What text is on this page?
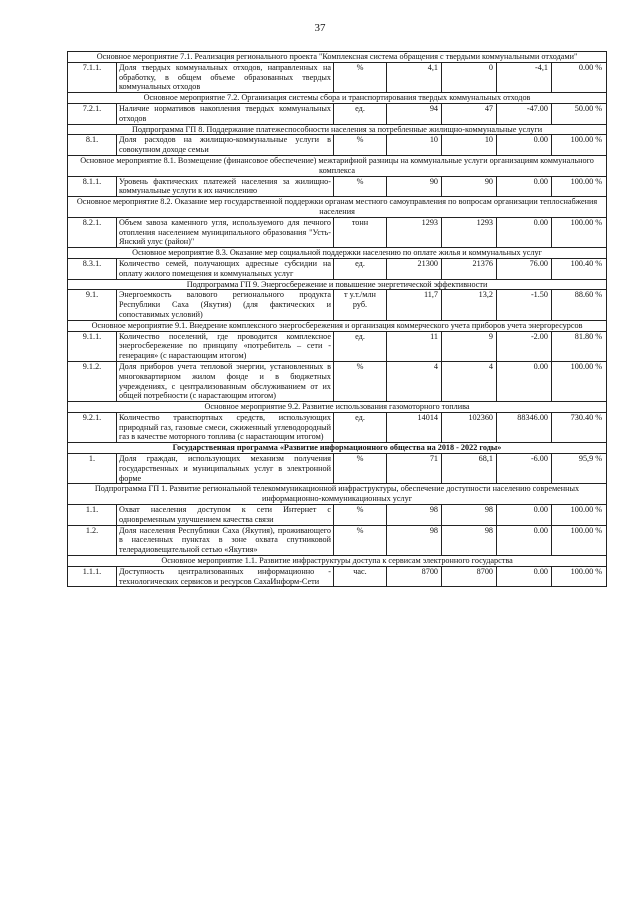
37
Основное мероприятие 7.1. Реализация регионального проекта "Комплексная система обращения с твердыми коммунальными отходами"						
7.1.1.	Доля твердых коммунальных отходов, направленных на обработку, в общем объеме образованных твердых коммунальных отходов	%	4,1	0	-4,1	0.00 %
Основное мероприятие 7.2. Организация системы сбора и транспортирования твердых коммунальных отходов						
7.2.1.	Наличие нормативов накопления твердых коммунальных отходов	ед.	94	47	-47.00	50.00 %
Подпрограмма ГП 8. Поддержание платежеспособности населения за потребленные жилищно-коммунальные услуги						
8.1.	Доля расходов на жилищно-коммунальные услуги в совокупном доходе семьи	%	10	10	0.00	100.00 %
Основное мероприятие 8.1. Возмещение (финансовое обеспечение) межтарифной разницы на коммунальные услуги организациям коммунального комплекса						
8.1.1.	Уровень фактических платежей населения за жилищно-коммунальные услуги к их начислению	%	90	90	0.00	100.00 %
Основное мероприятие 8.2. Оказание мер государственной поддержки органам местного самоуправления по вопросам организации теплоснабжения населения						
8.2.1.	Объем завоза каменного угля, используемого для печного отопления населением муниципального образования "Усть-Янский улус (район)"	тонн	1293	1293	0.00	100.00 %
Основное мероприятие 8.3. Оказание мер социальной поддержки населению по оплате жилья и коммунальных услуг						
8.3.1.	Количество семей, получающих адресные субсидии на оплату жилого помещения и коммунальных услуг	ед.	21300	21376	76.00	100.40 %
Подпрограмма ГП 9. Энергосбережение и повышение энергетической эффективности						
9.1.	Энергоемкость валового регионального продукта Республики Саха (Якутия) (для фактических и сопоставимых условий)	т у.т./млн руб.	11,7	13,2	-1.50	88.60 %
Основное мероприятие 9.1. Внедрение комплексного энергосбережения и организация коммерческого учета приборов учета энергоресурсов						
9.1.1.	Количество поселений, где проводится комплексное энергосбережение по принципу «потребитель – сети - генерация» (с нарастающим итогом)	ед.	11	9	-2.00	81.80 %
9.1.2.	Доля приборов учета тепловой энергии, установленных в многоквартирном жилом фонде и в бюджетных учреждениях, с централизованным обслуживанием от их общей потребности (с нарастающим итогом)	%	4	4	0.00	100.00 %
Основное мероприятие 9.2. Развитие использования газомоторного топлива						
9.2.1.	Количество транспортных средств, использующих природный газ, газовые смеси, сжиженный углеводородный газ в качестве моторного топлива (с нарастающим итогом)	ед.	14014	102360	88346.00	730.40 %
Государственная программа «Развитие информационного общества на 2018 - 2022 годы»						
1.	Доля граждан, использующих механизм получения государственных и муниципальных услуг в электронной форме	%	71	68,1	-6.00	95,9 %
Подпрограмма ГП 1. Развитие региональной телекоммуникационной инфраструктуры, обеспечение доступности населению современных информационно-коммуникационных услуг						
1.1.	Охват населения доступом к сети Интернет с одновременным улучшением качества связи	%	98	98	0.00	100.00 %
1.2.	Доля населения Республики Саха (Якутия), проживающего в населенных пунктах в зоне охвата спутниковой телерадиовещательной сетью «Якутия»	%	98	98	0.00	100.00 %
Основное мероприятие 1.1. Развитие инфраструктуры доступа к сервисам электронного государства						
1.1.1.	Доступность централизованных информационно - технологических сервисов и ресурсов СахаИнформ-Сети	час.	8700	8700	0.00	100.00 %
